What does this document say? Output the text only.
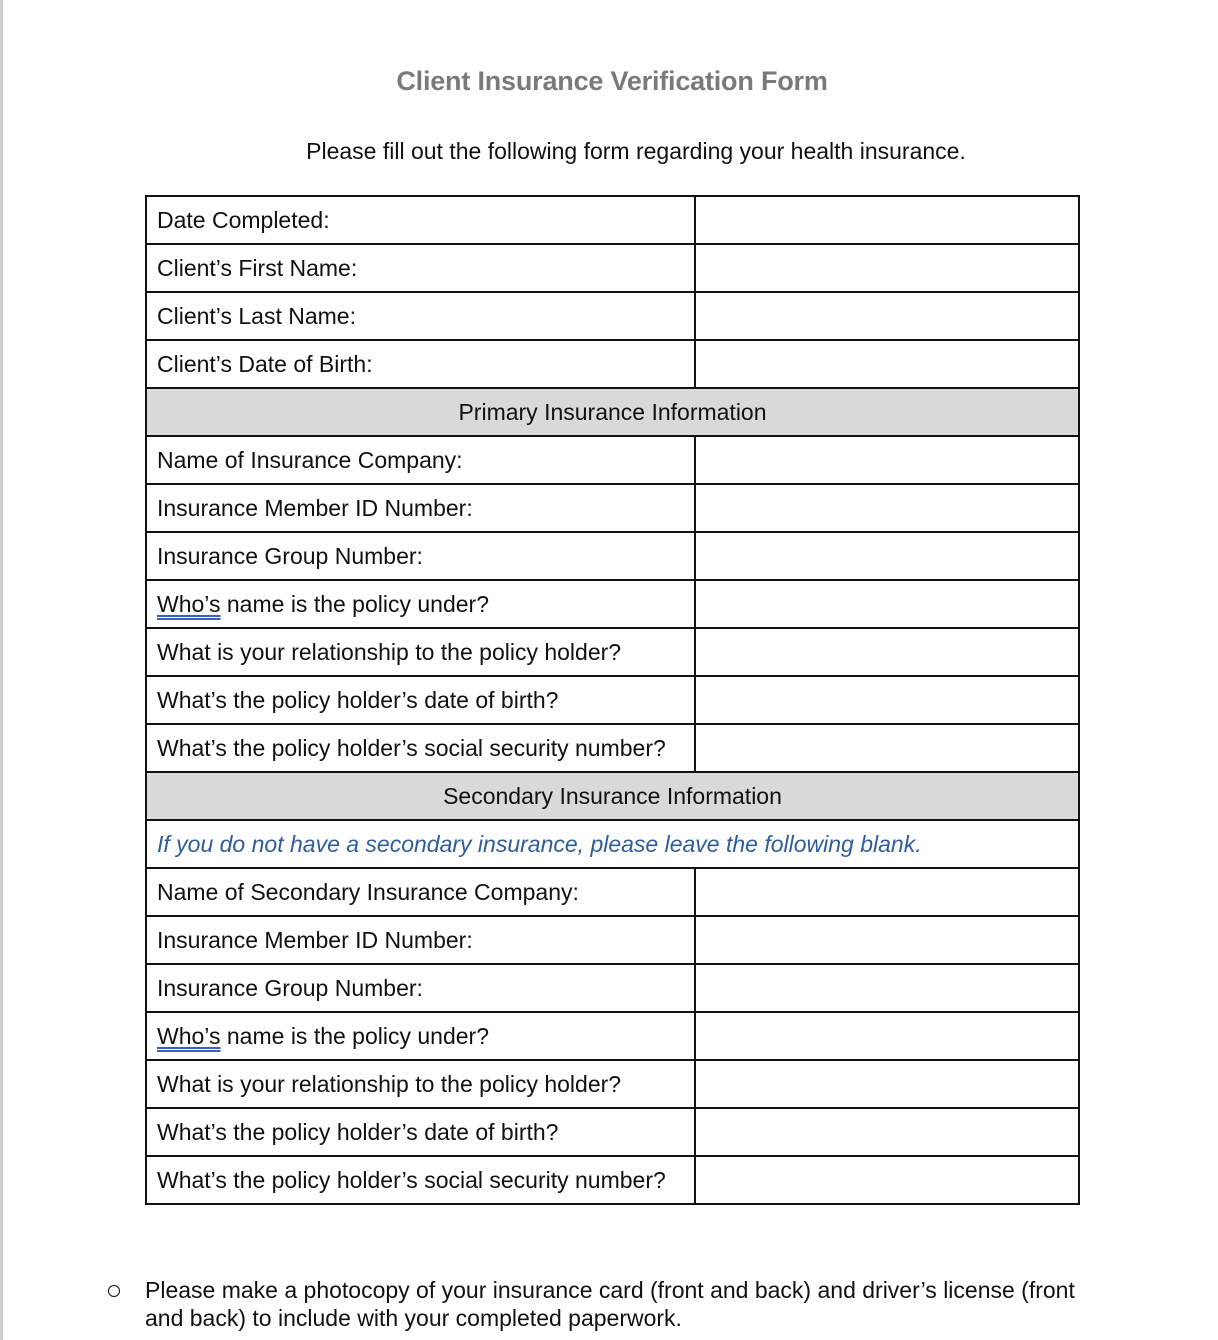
Client Insurance Verification Form
Please fill out the following form regarding your health insurance.
Date Completed:	
Client’s First Name:	
Client’s Last Name:	
Client’s Date of Birth:	
Primary Insurance Information	
Name of Insurance Company:	
Insurance Member ID Number:	
Insurance Group Number:	
Who’s name is the policy under?	
What is your relationship to the policy holder?	
What’s the policy holder’s date of birth?	
What’s the policy holder’s social security number?	
Secondary Insurance Information	
If you do not have a secondary insurance, please leave the following blank.	
Name of Secondary Insurance Company:	
Insurance Member ID Number:	
Insurance Group Number:	
Who’s name is the policy under?	
What is your relationship to the policy holder?	
What’s the policy holder’s date of birth?	
What’s the policy holder’s social security number?	
Please make a photocopy of your insurance card (front and back) and driver’s license (front and back) to include with your completed paperwork.
